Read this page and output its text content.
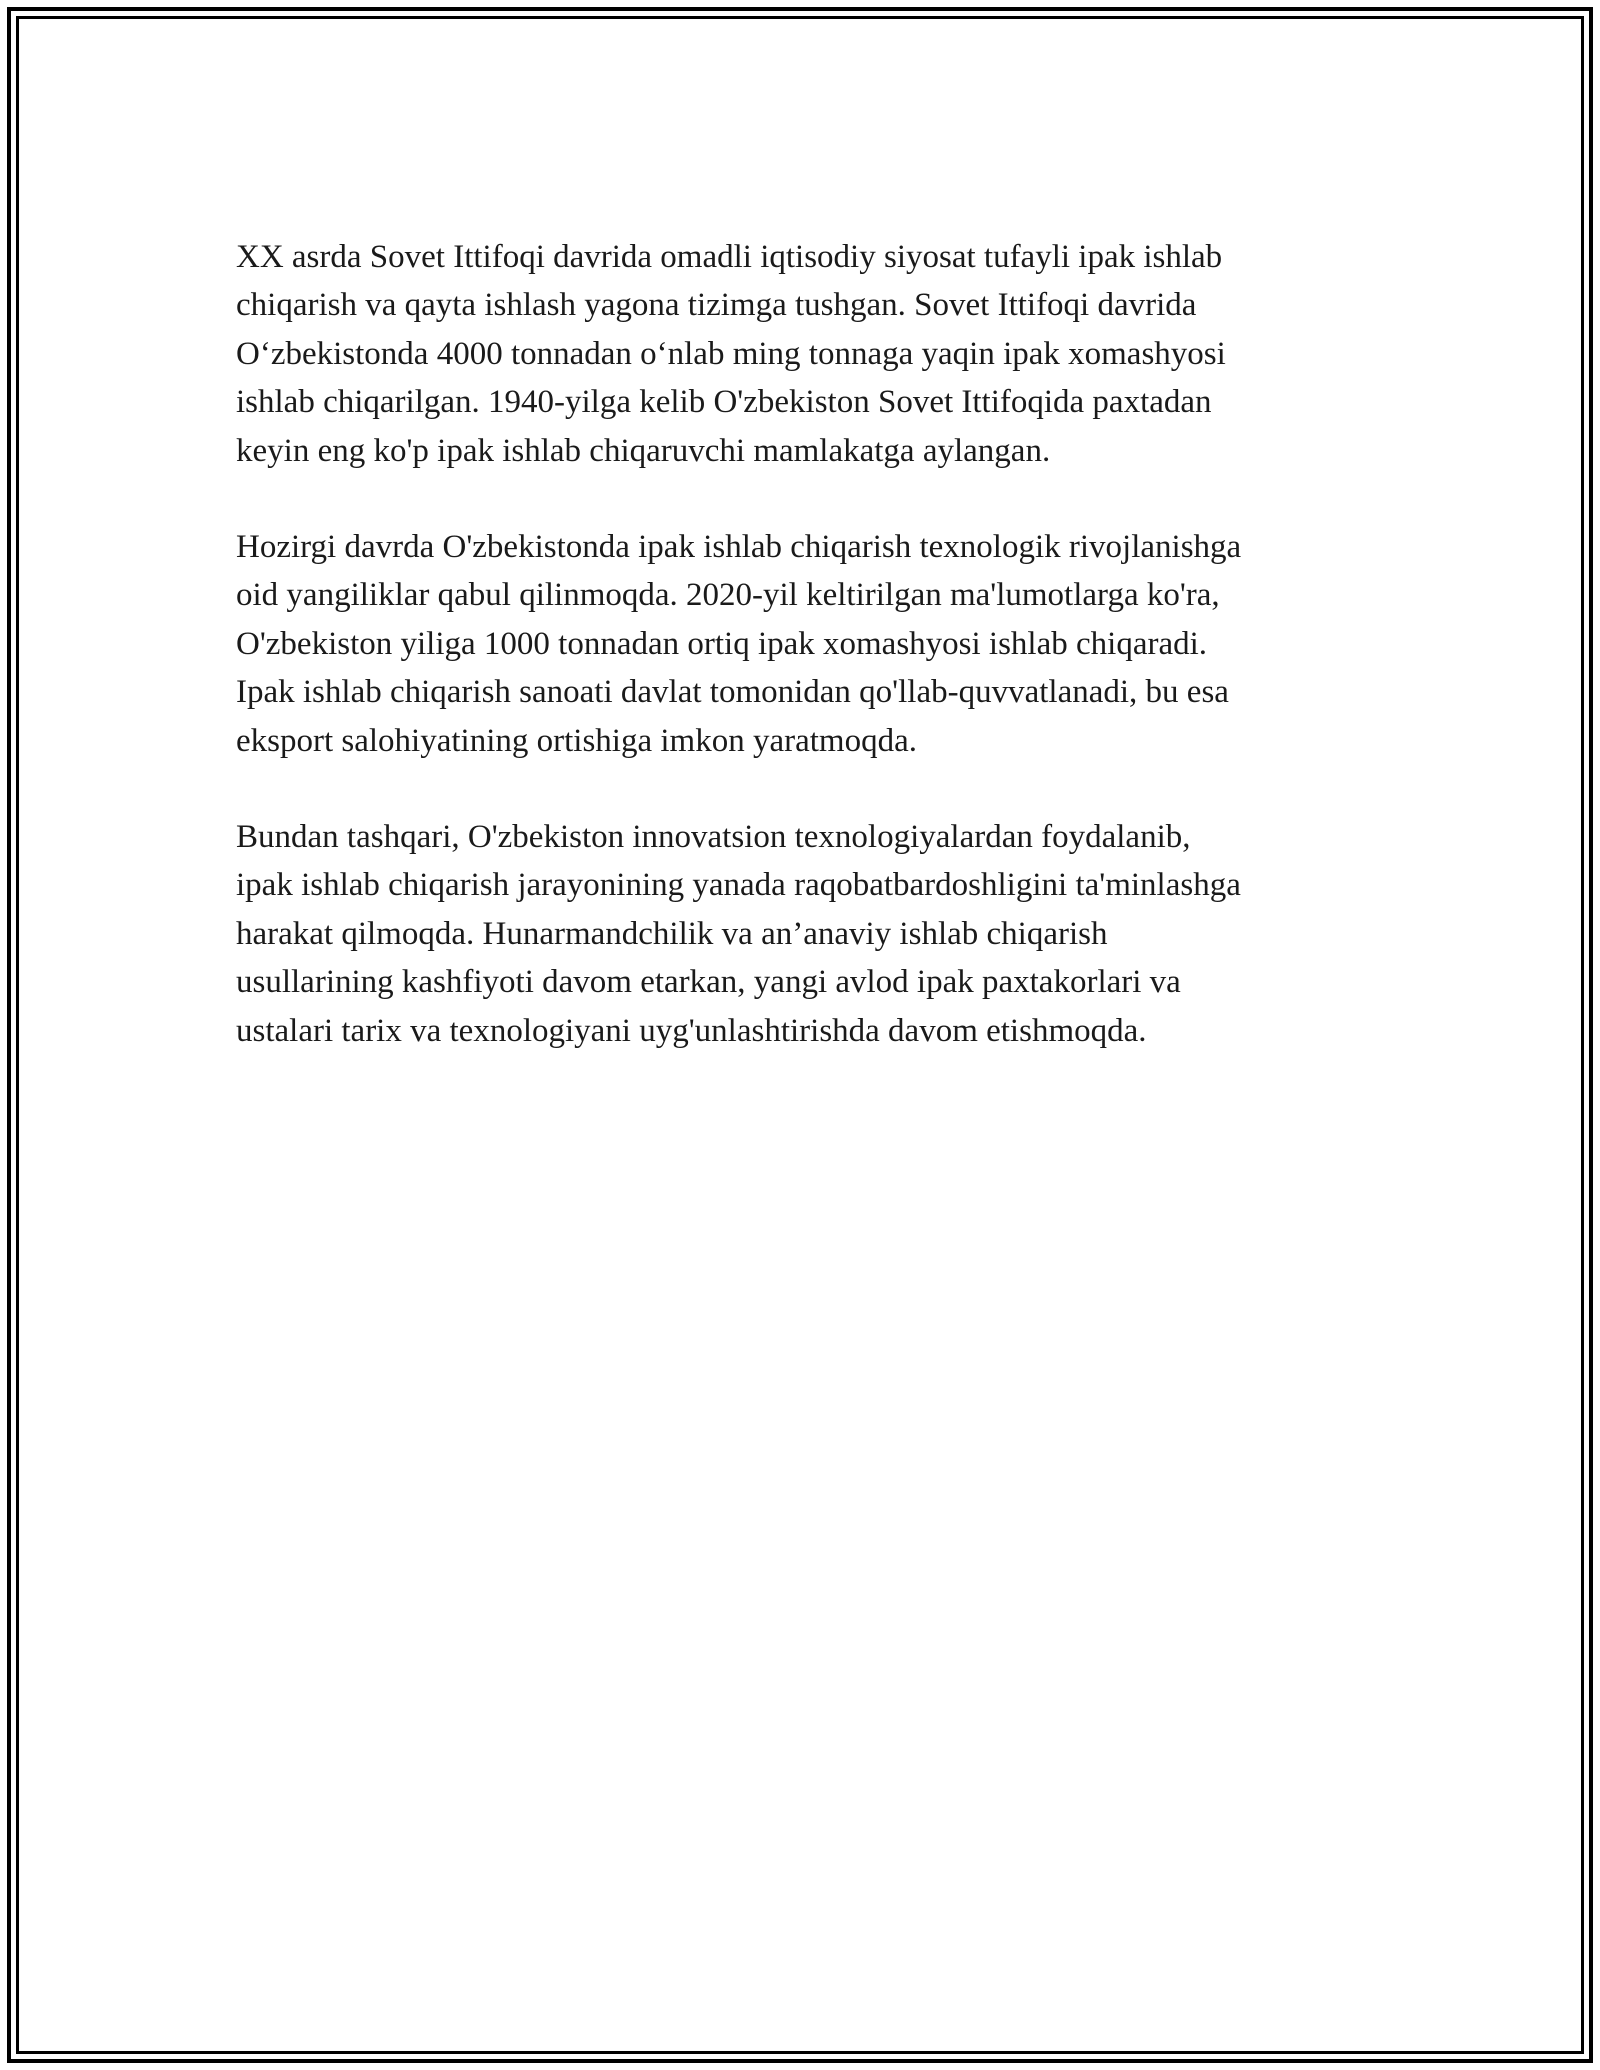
XX asrda Sovet Ittifoqi davrida omadli iqtisodiy siyosat tufayli ipak ishlab
chiqarish va qayta ishlash yagona tizimga tushgan. Sovet Ittifoqi davrida
O‘zbekistonda 4000 tonnadan o‘nlab ming tonnaga yaqin ipak xomashyosi
ishlab chiqarilgan. 1940-yilga kelib O'zbekiston Sovet Ittifoqida paxtadan
keyin eng ko'p ipak ishlab chiqaruvchi mamlakatga aylangan.

Hozirgi davrda O'zbekistonda ipak ishlab chiqarish texnologik rivojlanishga
oid yangiliklar qabul qilinmoqda. 2020-yil keltirilgan ma'lumotlarga ko'ra,
O'zbekiston yiliga 1000 tonnadan ortiq ipak xomashyosi ishlab chiqaradi.
Ipak ishlab chiqarish sanoati davlat tomonidan qo'llab-quvvatlanadi, bu esa
eksport salohiyatining ortishiga imkon yaratmoqda.

Bundan tashqari, O'zbekiston innovatsion texnologiyalardan foydalanib,
ipak ishlab chiqarish jarayonining yanada raqobatbardoshligini ta'minlashga
harakat qilmoqda. Hunarmandchilik va an’anaviy ishlab chiqarish
usullarining kashfiyoti davom etarkan, yangi avlod ipak paxtakorlari va
ustalari tarix va texnologiyani uyg'unlashtirishda davom etishmoqda.
